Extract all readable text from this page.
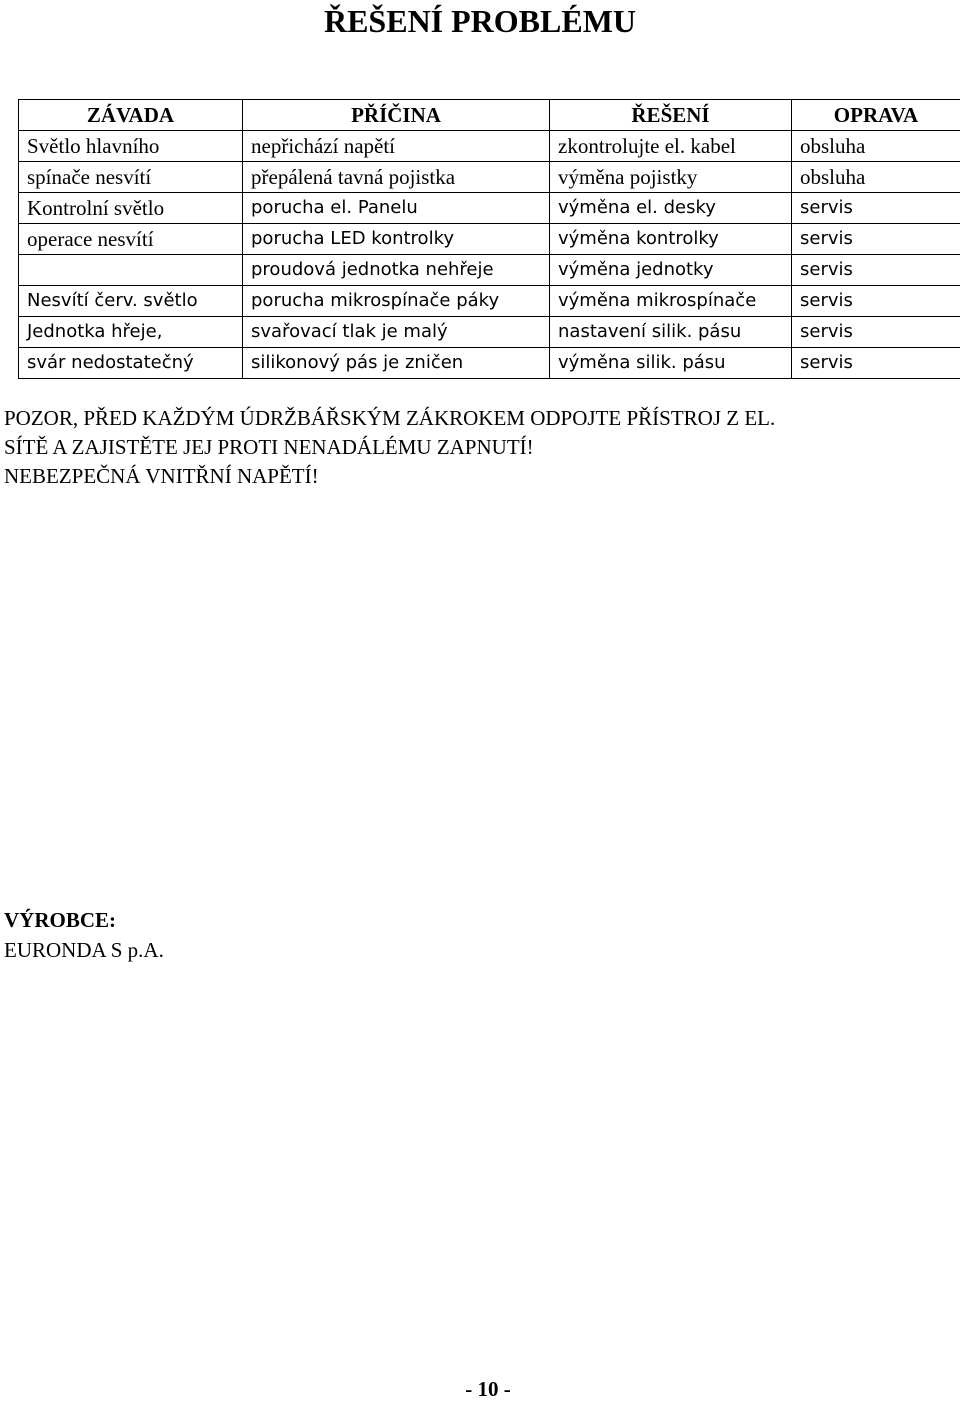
ŘEŠENÍ PROBLÉMU
ZÁVADA	PŘÍČINA	ŘEŠENÍ	OPRAVA
Světlo hlavního	nepřichází napětí	zkontrolujte el. kabel	obsluha
spínače nesvítí	přepálená tavná pojistka	výměna pojistky	obsluha
Kontrolní světlo	porucha el. Panelu	výměna el. desky	servis
operace nesvítí	porucha LED kontrolky	výměna kontrolky	servis
	proudová jednotka nehřeje	výměna jednotky	servis
Nesvítí červ. světlo	porucha mikrospínače páky	výměna mikrospínače	servis
Jednotka hřeje,	svařovací tlak je malý	nastavení silik. pásu	servis
svár nedostatečný	silikonový pás je zničen	výměna silik. pásu	servis
POZOR, PŘED KAŽDÝM ÚDRŽBÁŘSKÝM ZÁKROKEM ODPOJTE PŘÍSTROJ Z EL.
SÍTĚ A ZAJISTĚTE JEJ PROTI NENADÁLÉMU ZAPNUTÍ!
NEBEZPEČNÁ VNITŘNÍ NAPĚTÍ!
VÝROBCE:
EURONDA S p.A.
- 10 -
